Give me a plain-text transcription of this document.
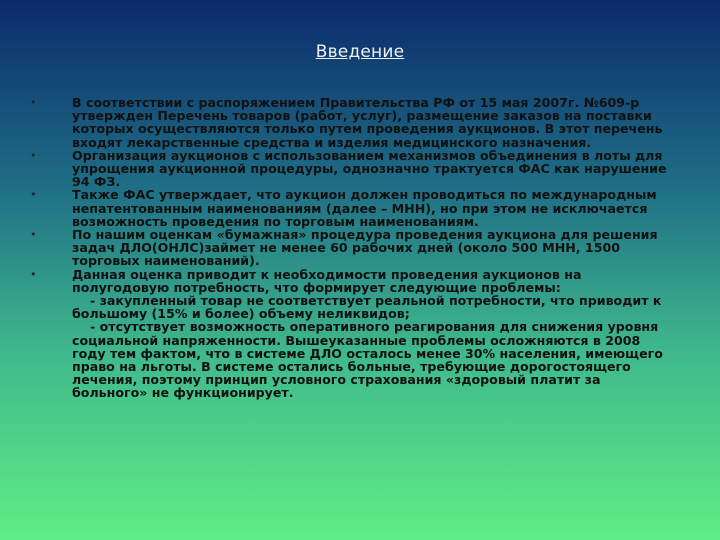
Введение
•	В соответствии с распоряжением Правительства РФ от 15 мая 2007г. №609-р утвержден Перечень товаров (работ, услуг), размещение заказов на поставки которых осуществляются только путем проведения аукционов. В этот перечень входят лекарственные средства и изделия медицинского назначения.
•	Организация аукционов с использованием механизмов объединения в лоты для упрощения аукционной процедуры, однозначно трактуется ФАС как нарушение 94 ФЗ.
•	Также ФАС утверждает, что аукцион должен проводиться по международным непатентованным наименованиям (далее – МНН), но при этом не исключается возможность проведения по торговым наименованиям.
•	По нашим оценкам «бумажная» процедура проведения аукциона для решения задач ДЛО(ОНЛС)займет не менее 60 рабочих дней (около 500 МНН, 1500 торговых наименований).
•	Данная оценка приводит к необходимости проведения аукционов на полугодовую потребность, что формирует следующие проблемы:
- закупленный товар не соответствует реальной потребности, что приводит к большому (15% и более) объему неликвидов;
- отсутствует возможность оперативного реагирования для снижения уровня социальной напряженности. Вышеуказанные проблемы осложняются в 2008 году тем фактом, что в системе ДЛО осталось менее 30% населения, имеющего право на льготы. В системе остались больные, требующие дорогостоящего лечения, поэтому принцип условного страхования «здоровый платит за больного» не функционирует.
